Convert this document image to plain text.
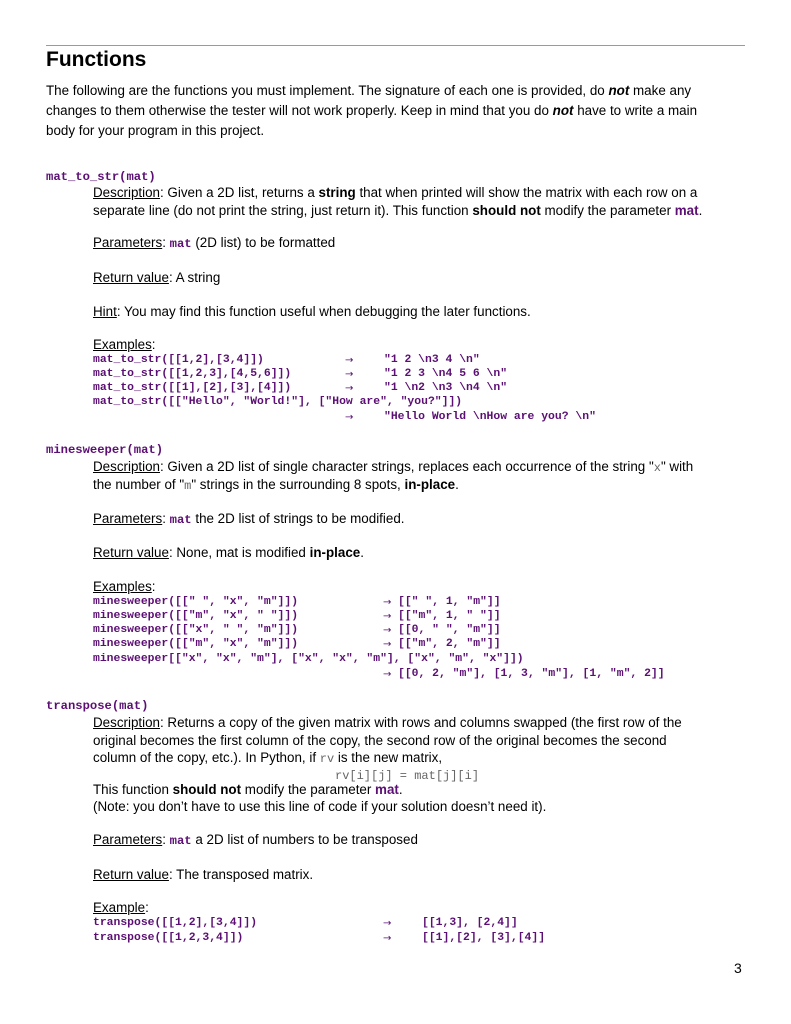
Functions
The following are the functions you must implement. The signature of each one is provided, do not make any
changes to them otherwise the tester will not work properly. Keep in mind that you do not have to write a main
body for your program in this project.
mat_to_str(mat)
Description: Given a 2D list, returns a string that when printed will show the matrix with each row on a
separate line (do not print the string, just return it). This function should not modify the parameter mat.
Parameters: mat (2D list) to be formatted
Return value: A string
Hint: You may find this function useful when debugging the later functions.
Examples:
mat_to_str([[1,2],[3,4]])	→	"1 2 \n3 4 \n"
mat_to_str([[1,2,3],[4,5,6]])	→	"1 2 3 \n4 5 6 \n"
mat_to_str([[1],[2],[3],[4]])	→	"1 \n2 \n3 \n4 \n"
mat_to_str([["Hello", "World!"], ["How are", "you?"]])
→	"Hello World \nHow are you? \n"
minesweeper(mat)
Description: Given a 2D list of single character strings, replaces each occurrence of the string "x" with
the number of "m" strings in the surrounding 8 spots, in-place.
Parameters: mat the 2D list of strings to be modified.
Return value: None, mat is modified in-place.
Examples:
minesweeper([[" ", "x", "m"]])	→ [[" ", 1, "m"]]
minesweeper([["m", "x", " "]])	→ [["m", 1, " "]]
minesweeper([["x", " ", "m"]])	→ [[0, " ", "m"]]
minesweeper([["m", "x", "m"]])	→ [["m", 2, "m"]]
minesweeper[["x", "x", "m"], ["x", "x", "m"], ["x", "m", "x"]])
→ [[0, 2, "m"], [1, 3, "m"], [1, "m", 2]]
transpose(mat)
Description: Returns a copy of the given matrix with rows and columns swapped (the first row of the
original becomes the first column of the copy, the second row of the original becomes the second
column of the copy, etc.). In Python, if rv is the new matrix,
rv[i][j] = mat[j][i]
This function should not modify the parameter mat.
(Note: you don’t have to use this line of code if your solution doesn’t need it).
Parameters: mat a 2D list of numbers to be transposed
Return value: The transposed matrix.
Example:
transpose([[1,2],[3,4]])	→	[[1,3], [2,4]]
transpose([[1,2,3,4]])	→	[[1],[2], [3],[4]]
3
